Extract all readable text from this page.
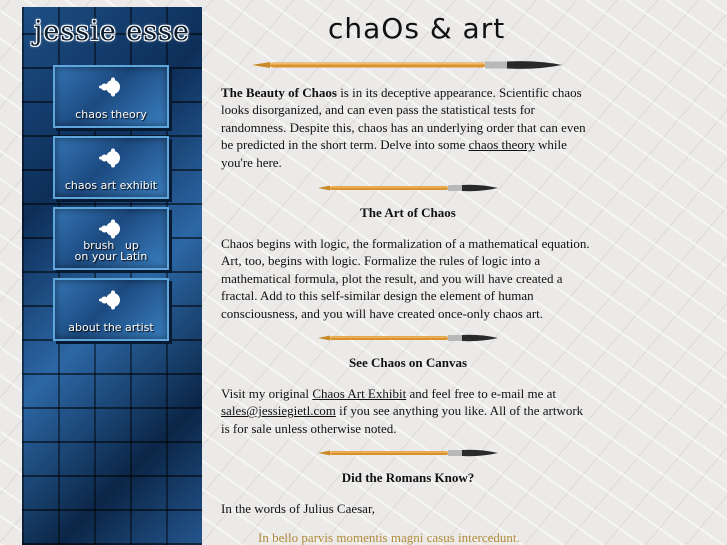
jessie esse
chaos theory
chaos art exhibit
brush   up
on your Latin
about the artist
chaOs & art
The Beauty of Chaos is in its deceptive appearance. Scientific chaos looks disorganized, and can even pass the statistical tests for randomness. Despite this, chaos has an underlying order that can even be predicted in the short term. Delve into some chaos theory while you're here.
The Art of Chaos
Chaos begins with logic, the formalization of a mathematical equation. Art, too, begins with logic. Formalize the rules of logic into a mathematical formula, plot the result, and you will have created a fractal. Add to this self-similar design the element of human consciousness, and you will have created once-only chaos art.
See Chaos on Canvas
Visit my original Chaos Art Exhibit and feel free to e-mail me at sales@jessiegietl.com if you see anything you like. All of the artwork is for sale unless otherwise noted.
Did the Romans Know?
In the words of Julius Caesar,
In bello parvis momentis magni casus intercedunt.
